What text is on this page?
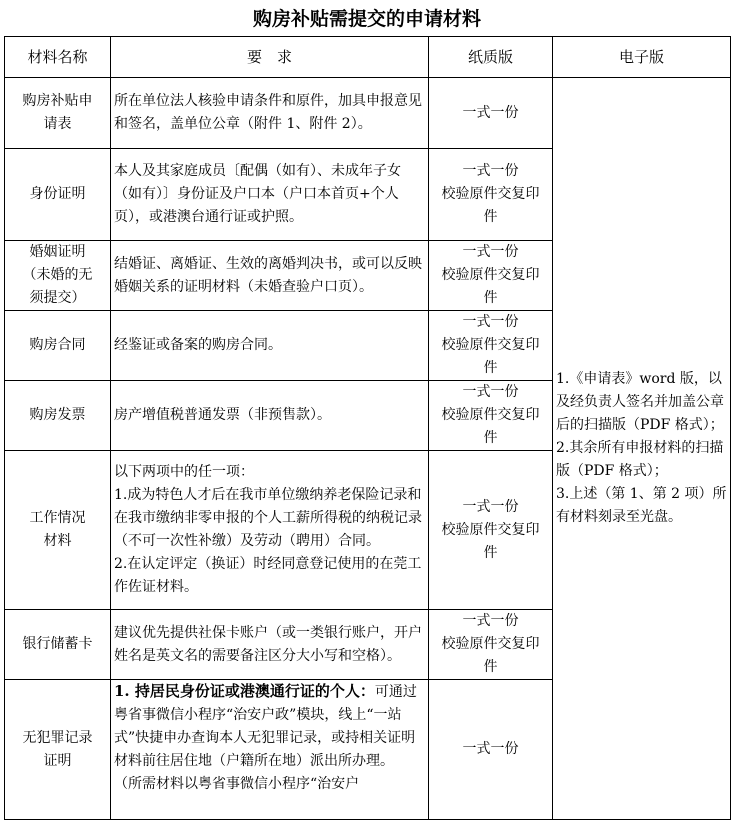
购房补贴需提交的申请材料
材料名称	要　求	纸质版	电子版

购房补贴申
请表	所在单位法人核验申请条件和原件，加具申报意见和签名，盖单位公章（附件 1、附件 2）。	一式一份	1.《申请表》word 版，以及经负责人签名并加盖公章后的扫描版（PDF 格式）；
2.其余所有申报材料的扫描版（PDF 格式）；
3.上述（第 1、第 2 项）所有材料刻录至光盘。

身份证明	本人及其家庭成员〔配偶（如有）、未成年子女（如有）〕身份证及户口本（户口本首页+个人页），或港澳台通行证或护照。	一式一份
校验原件交复印
件	

婚姻证明
（未婚的无
须提交）	结婚证、离婚证、生效的离婚判决书，或可以反映婚姻关系的证明材料（未婚查验户口页）。	一式一份
校验原件交复印
件	

购房合同	经鉴证或备案的购房合同。	一式一份
校验原件交复印
件	

购房发票	房产增值税普通发票（非预售款）。	一式一份
校验原件交复印
件	

工作情况
材料	以下两项中的任一项：
1.成为特色人才后在我市单位缴纳养老保险记录和在我市缴纳非零申报的个人工薪所得税的纳税记录（不可一次性补缴）及劳动（聘用）合同。
2.在认定评定（换证）时经同意登记使用的在莞工作佐证材料。	一式一份
校验原件交复印
件	

银行储蓄卡	建议优先提供社保卡账户（或一类银行账户，开户姓名是英文名的需要备注区分大小写和空格）。	一式一份
校验原件交复印
件	

无犯罪记录
证明	1. 持居民身份证或港澳通行证的个人：可通过粤省事微信小程序“治安户政”模块，线上“一站式”快捷申办查询本人无犯罪记录，或持相关证明材料前往居住地（户籍所在地）派出所办理。
（所需材料以粤省事微信小程序“治安户	一式一份	
